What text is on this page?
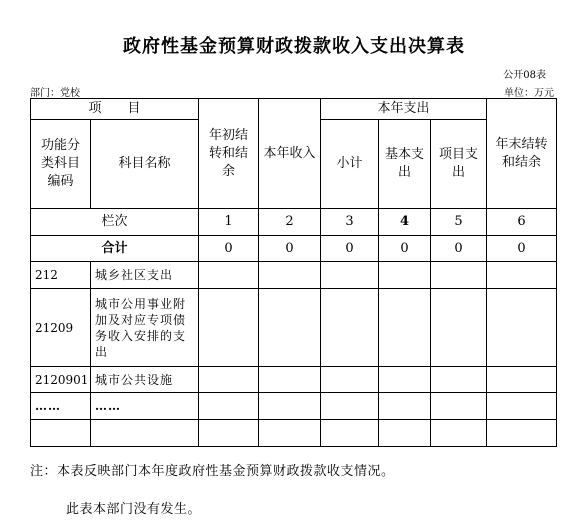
政府性基金预算财政拨款收入支出决算表
公开08表
部门：党校	单位：万元
项　　目		年初结转和结余	本年收入	本年支出			年末结转和结余
功能分类科目编码	科目名称			小计	基本支出	项目支出	
栏次		1	2	3	4	5	6
合计		0	0	0	0	0	0
212	城乡社区支出						
21209	城市公用事业附加及对应专项债务收入安排的支出						
2120901	城市公共设施						
……	……						

注：本表反映部门本年度政府性基金预算财政拨款收支情况。
此表本部门没有发生。
